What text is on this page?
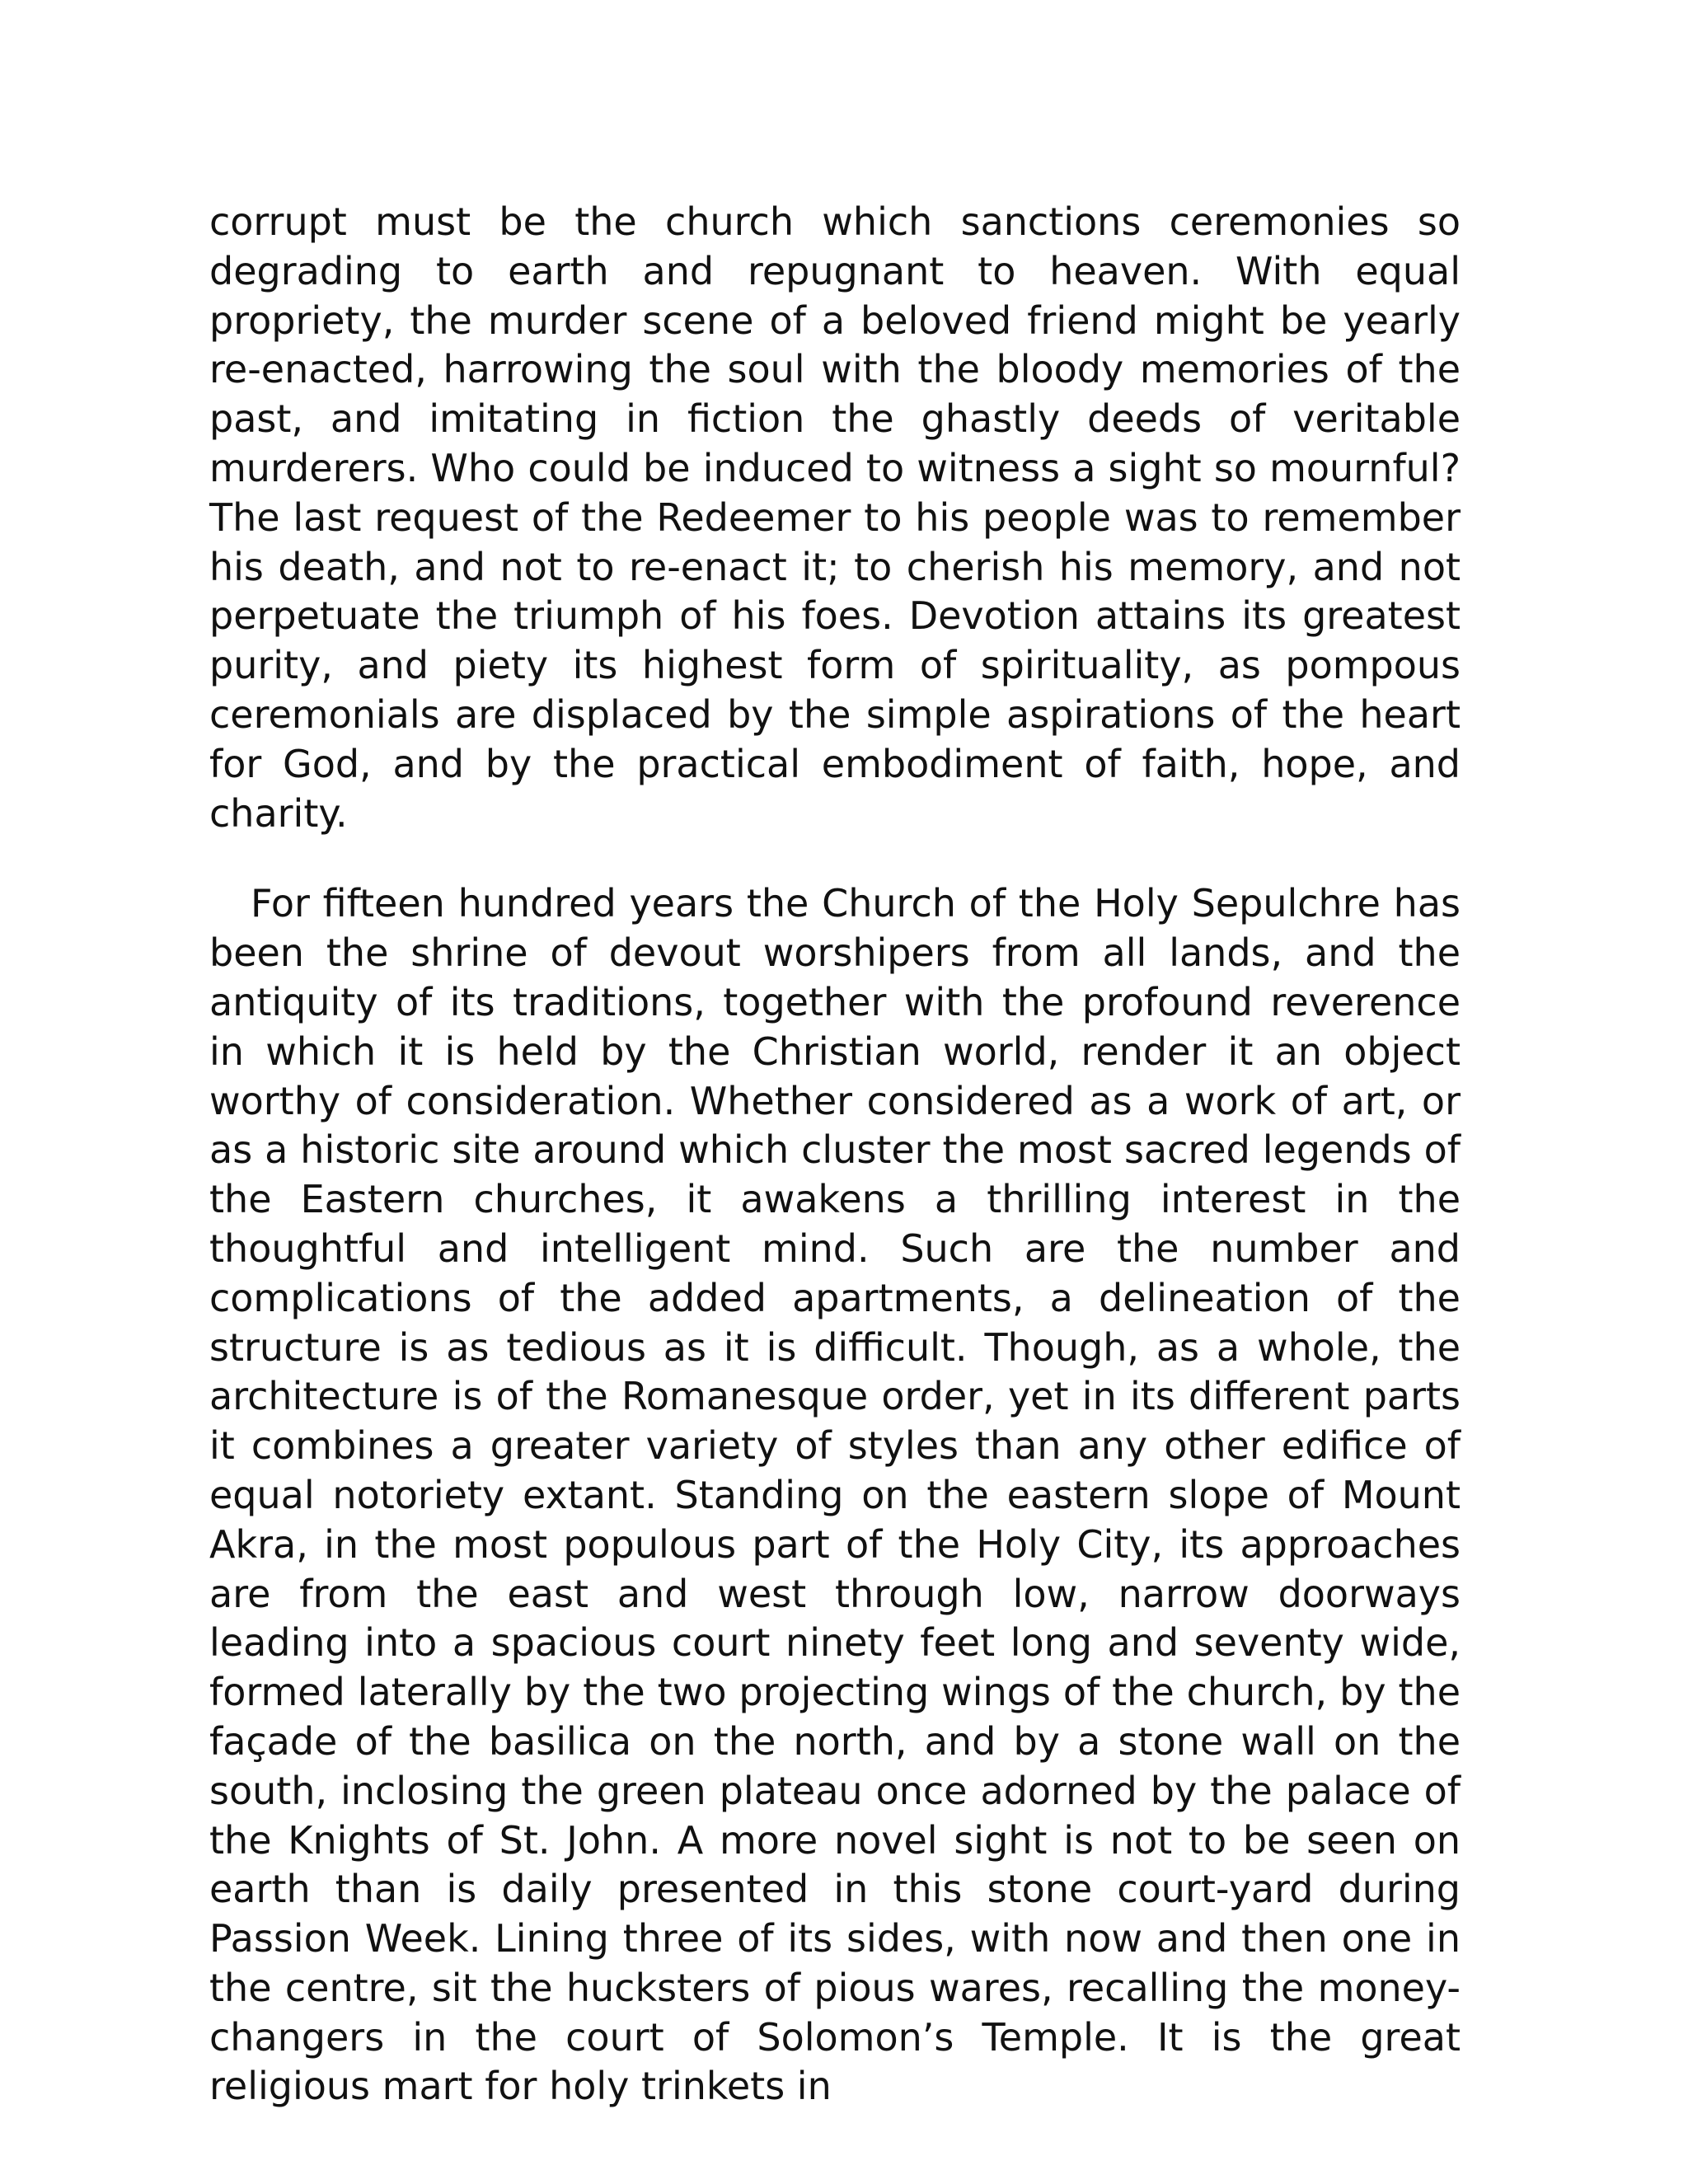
corrupt must be the church which sanctions ceremonies so degrading to earth and repugnant to heaven. With equal propriety, the murder scene of a beloved friend might be yearly re-enacted, harrowing the soul with the bloody memories of the past, and imitating in fiction the ghastly deeds of veritable murderers. Who could be induced to witness a sight so mournful? The last request of the Redeemer to his people was to remember his death, and not to re-enact it; to cherish his memory, and not perpetuate the triumph of his foes. Devotion attains its greatest purity, and piety its highest form of spirituality, as pompous ceremonials are displaced by the simple aspirations of the heart for God, and by the practical embodiment of faith, hope, and charity.

For fifteen hundred years the Church of the Holy Sepulchre has been the shrine of devout worshipers from all lands, and the antiquity of its traditions, together with the profound reverence in which it is held by the Christian world, render it an object worthy of consideration. Whether considered as a work of art, or as a historic site around which cluster the most sacred legends of the Eastern churches, it awakens a thrilling interest in the thoughtful and intelligent mind. Such are the number and complications of the added apartments, a delineation of the structure is as tedious as it is difficult. Though, as a whole, the architecture is of the Romanesque order, yet in its different parts it combines a greater variety of styles than any other edifice of equal notoriety extant. Standing on the eastern slope of Mount Akra, in the most populous part of the Holy City, its approaches are from the east and west through low, narrow doorways leading into a spacious court ninety feet long and seventy wide, formed laterally by the two projecting wings of the church, by the façade of the basilica on the north, and by a stone wall on the south, inclosing the green plateau once adorned by the palace of the Knights of St. John. A more novel sight is not to be seen on earth than is daily presented in this stone court-yard during Passion Week. Lining three of its sides, with now and then one in the centre, sit the hucksters of pious wares, recalling the money-changers in the court of Solomon’s Temple. It is the great religious mart for holy trinkets in
